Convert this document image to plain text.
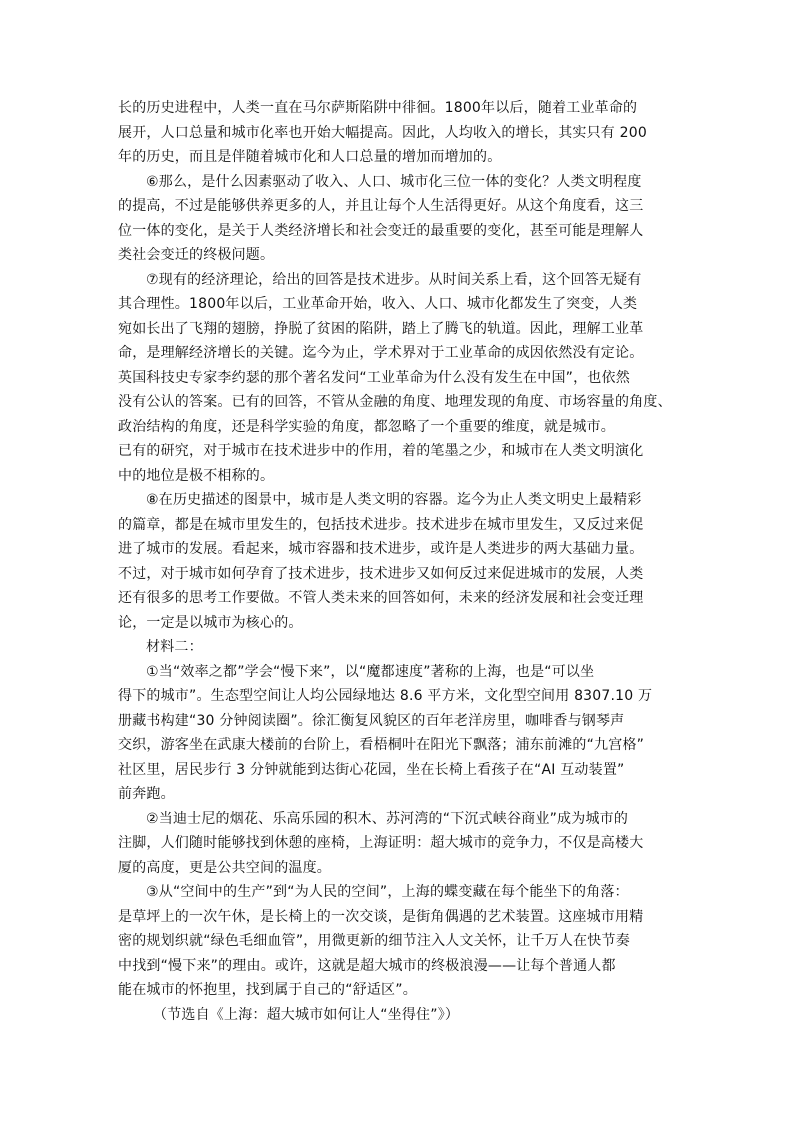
长的历史进程中，人类一直在马尔萨斯陷阱中徘徊。1800年以后，随着工业革命的
展开，人口总量和城市化率也开始大幅提高。因此，人均收入的增长，其实只有 200
年的历史，而且是伴随着城市化和人口总量的增加而增加的。
⑥那么，是什么因素驱动了收入、人口、城市化三位一体的变化？人类文明程度
的提高，不过是能够供养更多的人，并且让每个人生活得更好。从这个角度看，这三
位一体的变化，是关于人类经济增长和社会变迁的最重要的变化，甚至可能是理解人
类社会变迁的终极问题。
⑦现有的经济理论，给出的回答是技术进步。从时间关系上看，这个回答无疑有
其合理性。1800年以后，工业革命开始，收入、人口、城市化都发生了突变，人类
宛如长出了飞翔的翅膀，挣脱了贫困的陷阱，踏上了腾飞的轨道。因此，理解工业革
命，是理解经济增长的关键。迄今为止，学术界对于工业革命的成因依然没有定论。
英国科技史专家李约瑟的那个著名发问“工业革命为什么没有发生在中国”，也依然
没有公认的答案。已有的回答，不管从金融的角度、地理发现的角度、市场容量的角度、
政治结构的角度，还是科学实验的角度，都忽略了一个重要的维度，就是城市。
已有的研究，对于城市在技术进步中的作用，着的笔墨之少，和城市在人类文明演化
中的地位是极不相称的。
⑧在历史描述的图景中，城市是人类文明的容器。迄今为止人类文明史上最精彩
的篇章，都是在城市里发生的，包括技术进步。技术进步在城市里发生，又反过来促
进了城市的发展。看起来，城市容器和技术进步，或许是人类进步的两大基础力量。
不过，对于城市如何孕育了技术进步，技术进步又如何反过来促进城市的发展，人类
还有很多的思考工作要做。不管人类未来的回答如何，未来的经济发展和社会变迁理
论，一定是以城市为核心的。
材料二：
①当“效率之都”学会“慢下来”，以“魔都速度”著称的上海，也是“可以坐
得下的城市”。生态型空间让人均公园绿地达 8.6 平方米，文化型空间用 8307.10 万
册藏书构建“30 分钟阅读圈”。徐汇衡复风貌区的百年老洋房里，咖啡香与钢琴声
交织，游客坐在武康大楼前的台阶上，看梧桐叶在阳光下飘落；浦东前滩的“九宫格”
社区里，居民步行 3 分钟就能到达街心花园，坐在长椅上看孩子在“AI 互动装置”
前奔跑。
②当迪士尼的烟花、乐高乐园的积木、苏河湾的“下沉式峡谷商业”成为城市的
注脚，人们随时能够找到休憩的座椅，上海证明：超大城市的竞争力，不仅是高楼大
厦的高度，更是公共空间的温度。
③从“空间中的生产”到“为人民的空间”，上海的蝶变藏在每个能坐下的角落：
是草坪上的一次午休，是长椅上的一次交谈，是街角偶遇的艺术装置。这座城市用精
密的规划织就“绿色毛细血管”，用微更新的细节注入人文关怀，让千万人在快节奏
中找到“慢下来”的理由。或许，这就是超大城市的终极浪漫——让每个普通人都
能在城市的怀抱里，找到属于自己的“舒适区”。
（节选自《上海：超大城市如何让人“坐得住”》）
